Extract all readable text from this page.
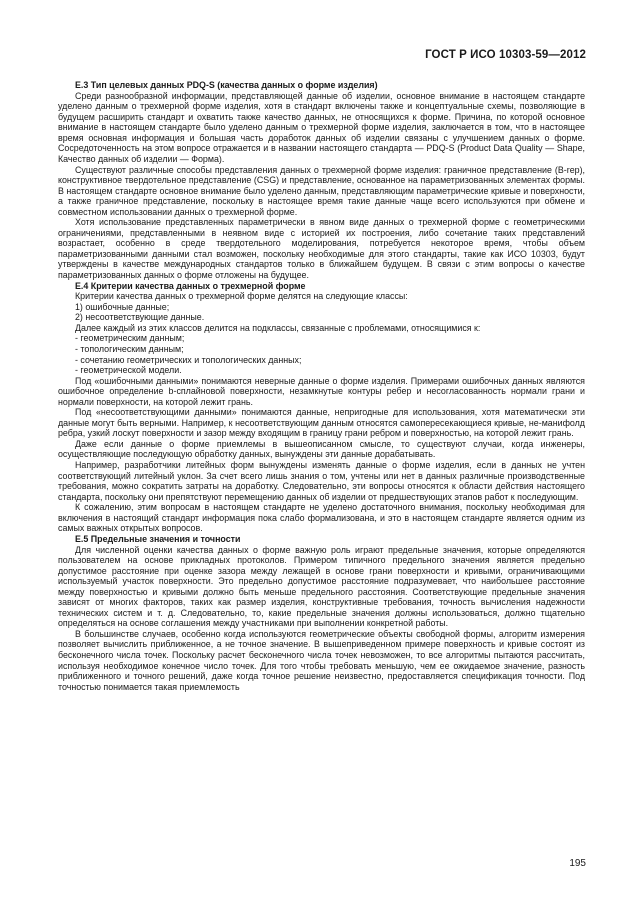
ГОСТ Р ИСО 10303-59—2012
Е.3 Тип целевых данных PDQ-S (качества данных о форме изделия)

Среди разнообразной информации, представляющей данные об изделии, основное внимание в настоящем стандарте уделено данным о трехмерной форме изделия, хотя в стандарт включены также и концептуальные схемы, позволяющие в будущем расширить стандарт и охватить также качество данных, не относящихся к форме. Причина, по которой основное внимание в настоящем стандарте было уделено данным о трехмерной форме изделия, заключается в том, что в настоящее время основная информация и большая часть доработок данных об изделии связаны с улучшением данных о форме. Сосредоточенность на этом вопросе отражается и в названии настоящего стандарта — PDQ-S (Product Data Quality — Shape, Качество данных об изделии — Форма).

Существуют различные способы представления данных о трехмерной форме изделия: граничное представление (B-rep), конструктивное твердотельное представление (CSG) и представление, основанное на параметризованных элементах формы. В настоящем стандарте основное внимание было уделено данным, представляющим параметрические кривые и поверхности, а также граничное представление, поскольку в настоящее время такие данные чаще всего используются при обмене и совместном использовании данных о трехмерной форме.

Хотя использование представленных параметрически в явном виде данных о трехмерной форме с геометрическими ограничениями, представленными в неявном виде с историей их построения, либо сочетание таких представлений возрастает, особенно в среде твердотельного моделирования, потребуется некоторое время, чтобы объем параметризованными данными стал возможен, поскольку необходимые для этого стандарты, такие как ИСО 10303, будут утверждены в качестве международных стандартов только в ближайшем будущем. В связи с этим вопросы о качестве параметризованных данных о форме отложены на будущее.

Е.4 Критерии качества данных о трехмерной форме

Критерии качества данных о трехмерной форме делятся на следующие классы:

1) ошибочные данные;

2) несоответствующие данные.

Далее каждый из этих классов делится на подклассы, связанные с проблемами, относящимися к:

- геометрическим данным;

- топологическим данным;

- сочетанию геометрических и топологических данных;

- геометрической модели.

Под «ошибочными данными» понимаются неверные данные о форме изделия. Примерами ошибочных данных являются ошибочное определение b-сплайновой поверхности, незамкнутые контуры ребер и несогласованность нормали грани и нормали поверхности, на которой лежит грань.

Под «несоответствующими данными» понимаются данные, непригодные для использования, хотя математически эти данные могут быть верными. Например, к несоответствующим данным относятся самопересекающиеся кривые, не-манифолд ребра, узкий лоскут поверхности и зазор между входящим в границу грани ребром и поверхностью, на которой лежит грань.

Даже если данные о форме приемлемы в вышеописанном смысле, то существуют случаи, когда инженеры, осуществляющие последующую обработку данных, вынуждены эти данные дорабатывать.

Например, разработчики литейных форм вынуждены изменять данные о форме изделия, если в данных не учтен соответствующий литейный уклон. За счет всего лишь знания о том, учтены или нет в данных различные производственные требования, можно сократить затраты на доработку. Следовательно, эти вопросы относятся к области действия настоящего стандарта, поскольку они препятствуют перемещению данных об изделии от предшествующих этапов работ к последующим.

К сожалению, этим вопросам в настоящем стандарте не уделено достаточного внимания, поскольку необходимая для включения в настоящий стандарт информация пока слабо формализована, и это в настоящем стандарте является одним из самых важных открытых вопросов.

Е.5 Предельные значения и точности

Для численной оценки качества данных о форме важную роль играют предельные значения, которые определяются пользователем на основе прикладных протоколов. Примером типичного предельного значения является предельно допустимое расстояние при оценке зазора между лежащей в основе грани поверхности и кривыми, ограничивающими используемый участок поверхности. Это предельно допустимое расстояние подразумевает, что наибольшее расстояние между поверхностью и кривыми должно быть меньше предельного расстояния. Соответствующие предельные значения зависят от многих факторов, таких как размер изделия, конструктивные требования, точность вычисления надежности технических систем и т. д. Следовательно, то, какие предельные значения должны использоваться, должно тщательно определяться на основе соглашения между участниками при выполнении конкретной работы.

В большинстве случаев, особенно когда используются геометрические объекты свободной формы, алгоритм измерения позволяет вычислить приближенное, а не точное значение. В вышеприведенном примере поверхность и кривые состоят из бесконечного числа точек. Поскольку расчет бесконечного числа точек невозможен, то все алгоритмы пытаются рассчитать, используя необходимое конечное число точек. Для того чтобы требовать меньшую, чем ее ожидаемое значение, разность приближенного и точного решений, даже когда точное решение неизвестно, предоставляется спецификация точности. Под точностью понимается такая приемлемость

195
